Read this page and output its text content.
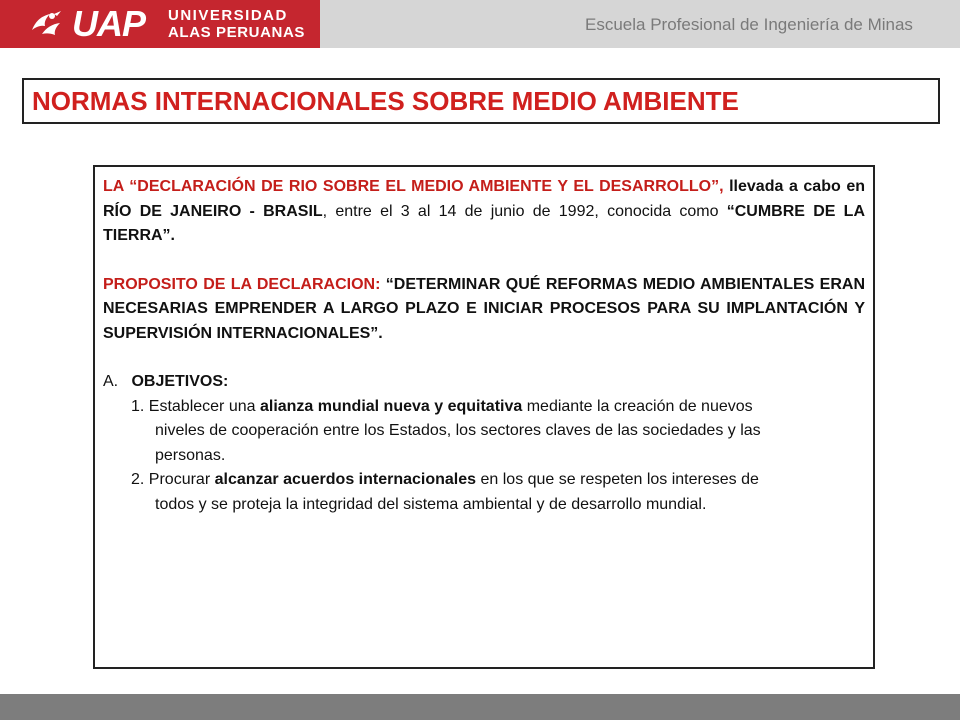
UAP UNIVERSIDAD
ALAS PERUANAS	Escuela Profesional de Ingeniería de Minas
NORMAS INTERNACIONALES SOBRE MEDIO AMBIENTE

LA “DECLARACIÓN DE RIO SOBRE EL MEDIO AMBIENTE Y EL DESARROLLO”, llevada a cabo en RÍO DE JANEIRO - BRASIL, entre el 3 al 14 de junio de 1992, conocida como “CUMBRE DE LA TIERRA”.

PROPOSITO DE LA DECLARACION: “DETERMINAR QUÉ REFORMAS MEDIO AMBIENTALES ERAN NECESARIAS EMPRENDER A LARGO PLAZO E INICIAR PROCESOS PARA SU IMPLANTACIÓN Y SUPERVISIÓN INTERNACIONALES”.

A.   OBJETIVOS:

1. Establecer una alianza mundial nueva y equitativa mediante la creación de nuevos

niveles de cooperación entre los Estados, los sectores claves de las sociedades y las

personas.

2. Procurar alcanzar acuerdos internacionales en los que se respeten los intereses de

todos y se proteja la integridad del sistema ambiental y de desarrollo mundial.
